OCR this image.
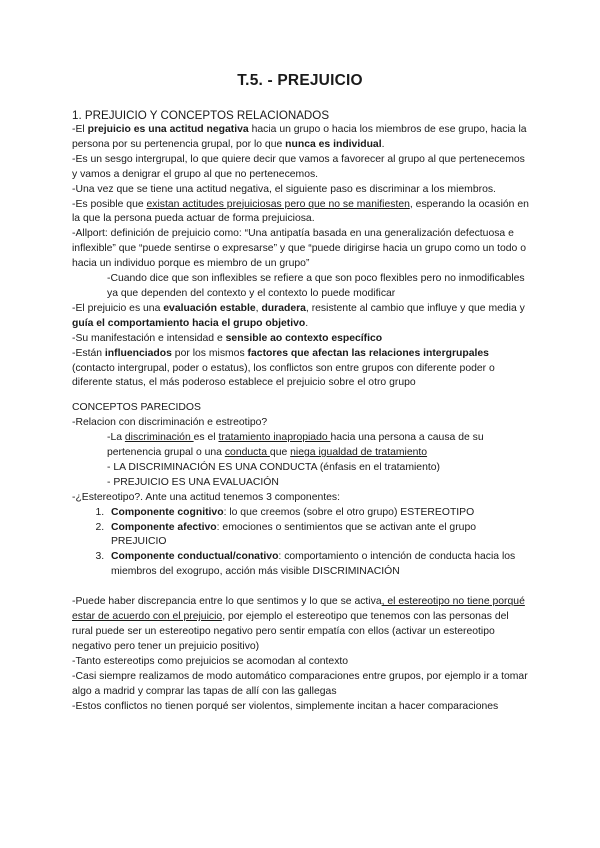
T.5. - PREJUICIO

1. PREJUICIO Y CONCEPTOS RELACIONADOS

-El prejuicio es una actitud negativa hacia un grupo o hacia los miembros de ese grupo, hacia la persona por su pertenencia grupal, por lo que nunca es individual.

-Es un sesgo intergrupal, lo que quiere decir que vamos a favorecer al grupo al que pertenecemos y vamos a denigrar el grupo al que no pertenecemos.

-Una vez que se tiene una actitud negativa, el siguiente paso es discriminar a los miembros.

-Es posible que existan actitudes prejuiciosas pero que no se manifiesten, esperando la ocasión en la que la persona pueda actuar de forma prejuiciosa.

-Allport: definición de prejuicio como: “Una antipatía basada en una generalización defectuosa e inflexible” que “puede sentirse o expresarse” y que “puede dirigirse hacia un grupo como un todo o hacia un individuo porque es miembro de un grupo”

-Cuando dice que son inflexibles se refiere a que son poco flexibles pero no inmodificables ya que dependen del contexto y el contexto lo puede modificar

-El prejuicio es una evaluación estable, duradera, resistente al cambio que influye y que media y guía el comportamiento hacia el grupo objetivo.

-Su manifestación e intensidad e sensible ao contexto específico

-Están influenciados por los mismos factores que afectan las relaciones intergrupales (contacto intergrupal, poder o estatus), los conflictos son entre grupos con diferente poder o diferente status, el más poderoso establece el prejuicio sobre el otro grupo

CONCEPTOS PARECIDOS

-Relacion con discriminación e estreotipo?

-La discriminación es el tratamiento inapropiado hacia una persona a causa de su pertenencia grupal o una conducta que niega igualdad de tratamiento

- LA DISCRIMINACIÓN ES UNA CONDUCTA (énfasis en el tratamiento)

- PREJUICIO ES UNA EVALUACIÓN

-¿Estereotipo?. Ante una actitud tenemos 3 componentes:

1. Componente cognitivo: lo que creemos (sobre el otro grupo) ESTEREOTIPO
2. Componente afectivo: emociones o sentimientos que se activan ante el grupo PREJUICIO
3. Componente conductual/conativo: comportamiento o intención de conducta hacia los miembros del exogrupo, acción más visible DISCRIMINACIÓN

-Puede haber discrepancia entre lo que sentimos y lo que se activa, el estereotipo no tiene porqué estar de acuerdo con el prejuicio, por ejemplo el estereotipo que tenemos con las personas del rural puede ser un estereotipo negativo pero sentir empatía con ellos (activar un estereotipo negativo pero tener un prejuicio positivo)

-Tanto estereotips como prejuicios se acomodan al contexto

-Casi siempre realizamos de modo automático comparaciones entre grupos, por ejemplo ir a tomar algo a madrid y comprar las tapas de allí con las gallegas

-Estos conflictos no tienen porqué ser violentos, simplemente incitan a hacer comparaciones
